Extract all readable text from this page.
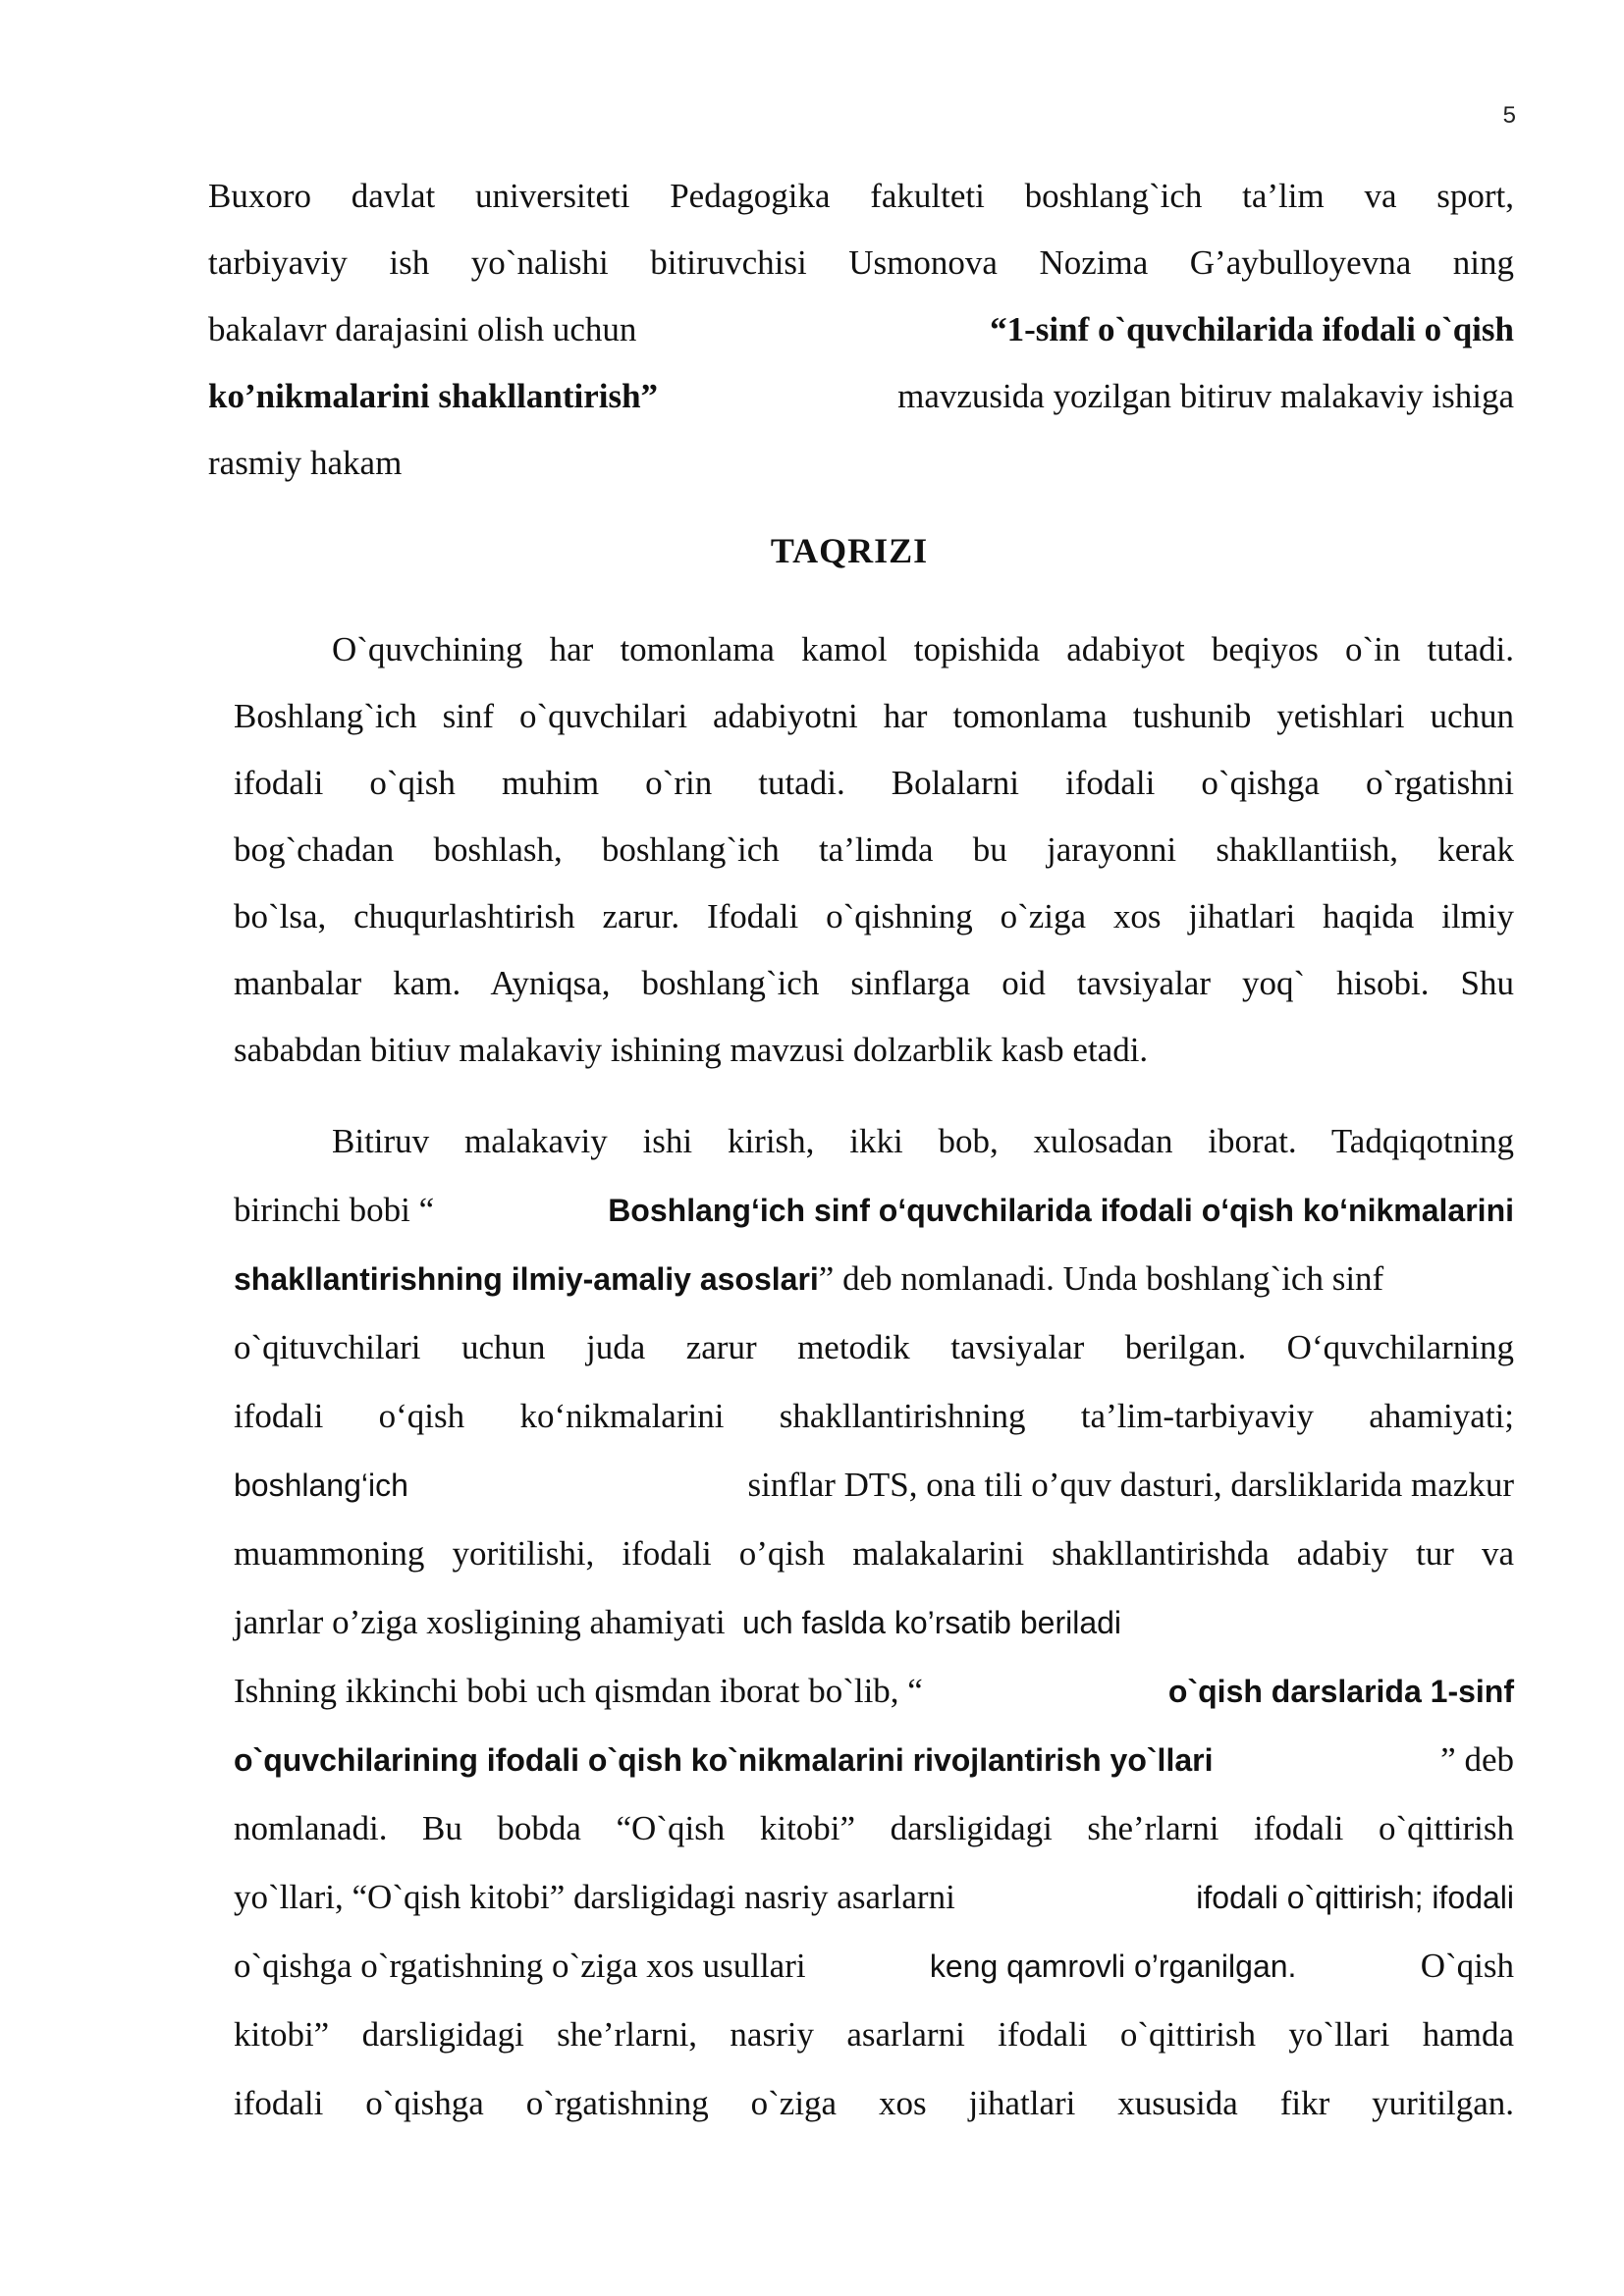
5
Buxoro davlat universiteti Pedagogika fakulteti boshlang`ich ta’lim va sport,
tarbiyaviy ish yo`nalishi bitiruvchisi Usmonova Nozima G’aybulloyevna ning
bakalavr darajasini olish uchun	“1-sinf o`quvchilarida ifodali o`qish
ko’nikmalarini shakllantirish”	mavzusida yozilgan bitiruv malakaviy ishiga
rasmiy hakam
TAQRIZI
O`quvchining har tomonlama kamol topishida adabiyot beqiyos o`in tutadi.
Boshlang`ich sinf o`quvchilari adabiyotni har tomonlama tushunib yetishlari uchun
ifodali o`qish muhim o`rin tutadi. Bolalarni ifodali o`qishga o`rgatishni
bog`chadan boshlash, boshlang`ich ta’limda bu jarayonni shakllantiish, kerak
bo`lsa, chuqurlashtirish zarur. Ifodali o`qishning o`ziga xos jihatlari haqida ilmiy
manbalar kam. Ayniqsa, boshlang`ich sinflarga oid tavsiyalar yoq` hisobi. Shu
sababdan bitiuv malakaviy ishining mavzusi dolzarblik kasb etadi.
Bitiruv malakaviy ishi kirish, ikki bob, xulosadan iborat. Tadqiqotning
birinchi bobi “	Boshlang‘ich sinf o‘quvchilarida ifodali o‘qish ko‘nikmalarini
shakllantirishning ilmiy-amaliy asoslari” deb nomlanadi. Unda boshlang`ich sinf
o`qituvchilari uchun juda zarur metodik tavsiyalar berilgan. O‘quvchilarning
ifodali o‘qish ko‘nikmalarini shakllantirishning ta’lim-tarbiyaviy ahamiyati;
boshlang‘ich	sinflar DTS, ona tili o’quv dasturi, darsliklarida mazkur
muammoning yoritilishi, ifodali o’qish malakalarini shakllantirishda adabiy tur va
janrlar o’ziga xosligining ahamiyati uch faslda ko’rsatib beriladi
Ishning ikkinchi bobi uch qismdan iborat bo`lib, “	o`qish darslarida 1-sinf
o`quvchilarining ifodali o`qish ko`nikmalarini rivojlantirish yo`llari	” deb
nomlanadi. Bu bobda “O`qish kitobi” darsligidagi she’rlarni ifodali o`qittirish
yo`llari, “O`qish kitobi” darsligidagi nasriy asarlarni	ifodali o`qittirish; ifodali
o`qishga o`rgatishning o`ziga xos usullari	keng qamrovli o’rganilgan.	O`qish
kitobi” darsligidagi she’rlarni, nasriy asarlarni ifodali o`qittirish yo`llari hamda
ifodali o`qishga o`rgatishning o`ziga xos jihatlari xususida fikr yuritilgan.
